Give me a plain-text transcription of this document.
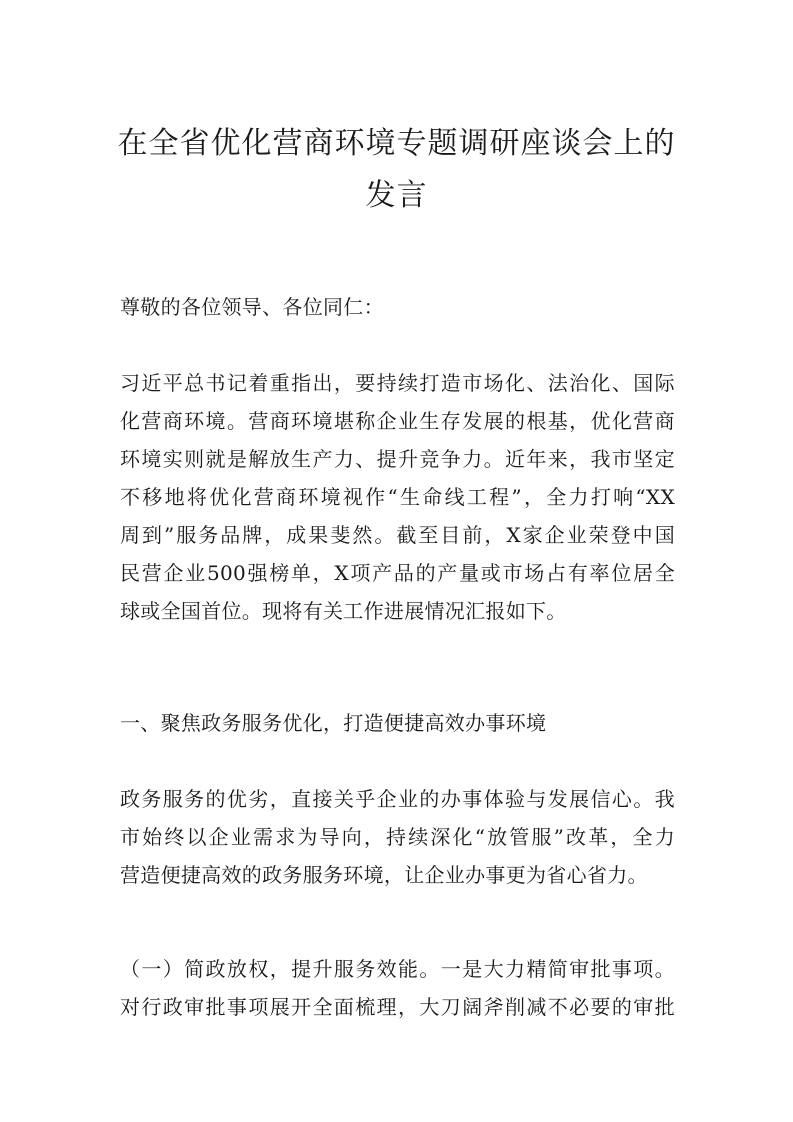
在全省优化营商环境专题调研座谈会上的
发言

尊敬的各位领导、各位同仁：

习近平总书记着重指出，要持续打造市场化、法治化、国际
化营商环境。营商环境堪称企业生存发展的根基，优化营商
环境实则就是解放生产力、提升竞争力。近年来，我市坚定
不移地将优化营商环境视作“生命线工程”，全力打响“XX
周到”服务品牌，成果斐然。截至目前，X家企业荣登中国
民营企业500强榜单，X项产品的产量或市场占有率位居全
球或全国首位。现将有关工作进展情况汇报如下。

一、聚焦政务服务优化，打造便捷高效办事环境

政务服务的优劣，直接关乎企业的办事体验与发展信心。我
市始终以企业需求为导向，持续深化“放管服”改革，全力
营造便捷高效的政务服务环境，让企业办事更为省心省力。
（一）简政放权，提升服务效能。一是大力精简审批事项。
对行政审批事项展开全面梳理，大刀阔斧削减不必要的审批
